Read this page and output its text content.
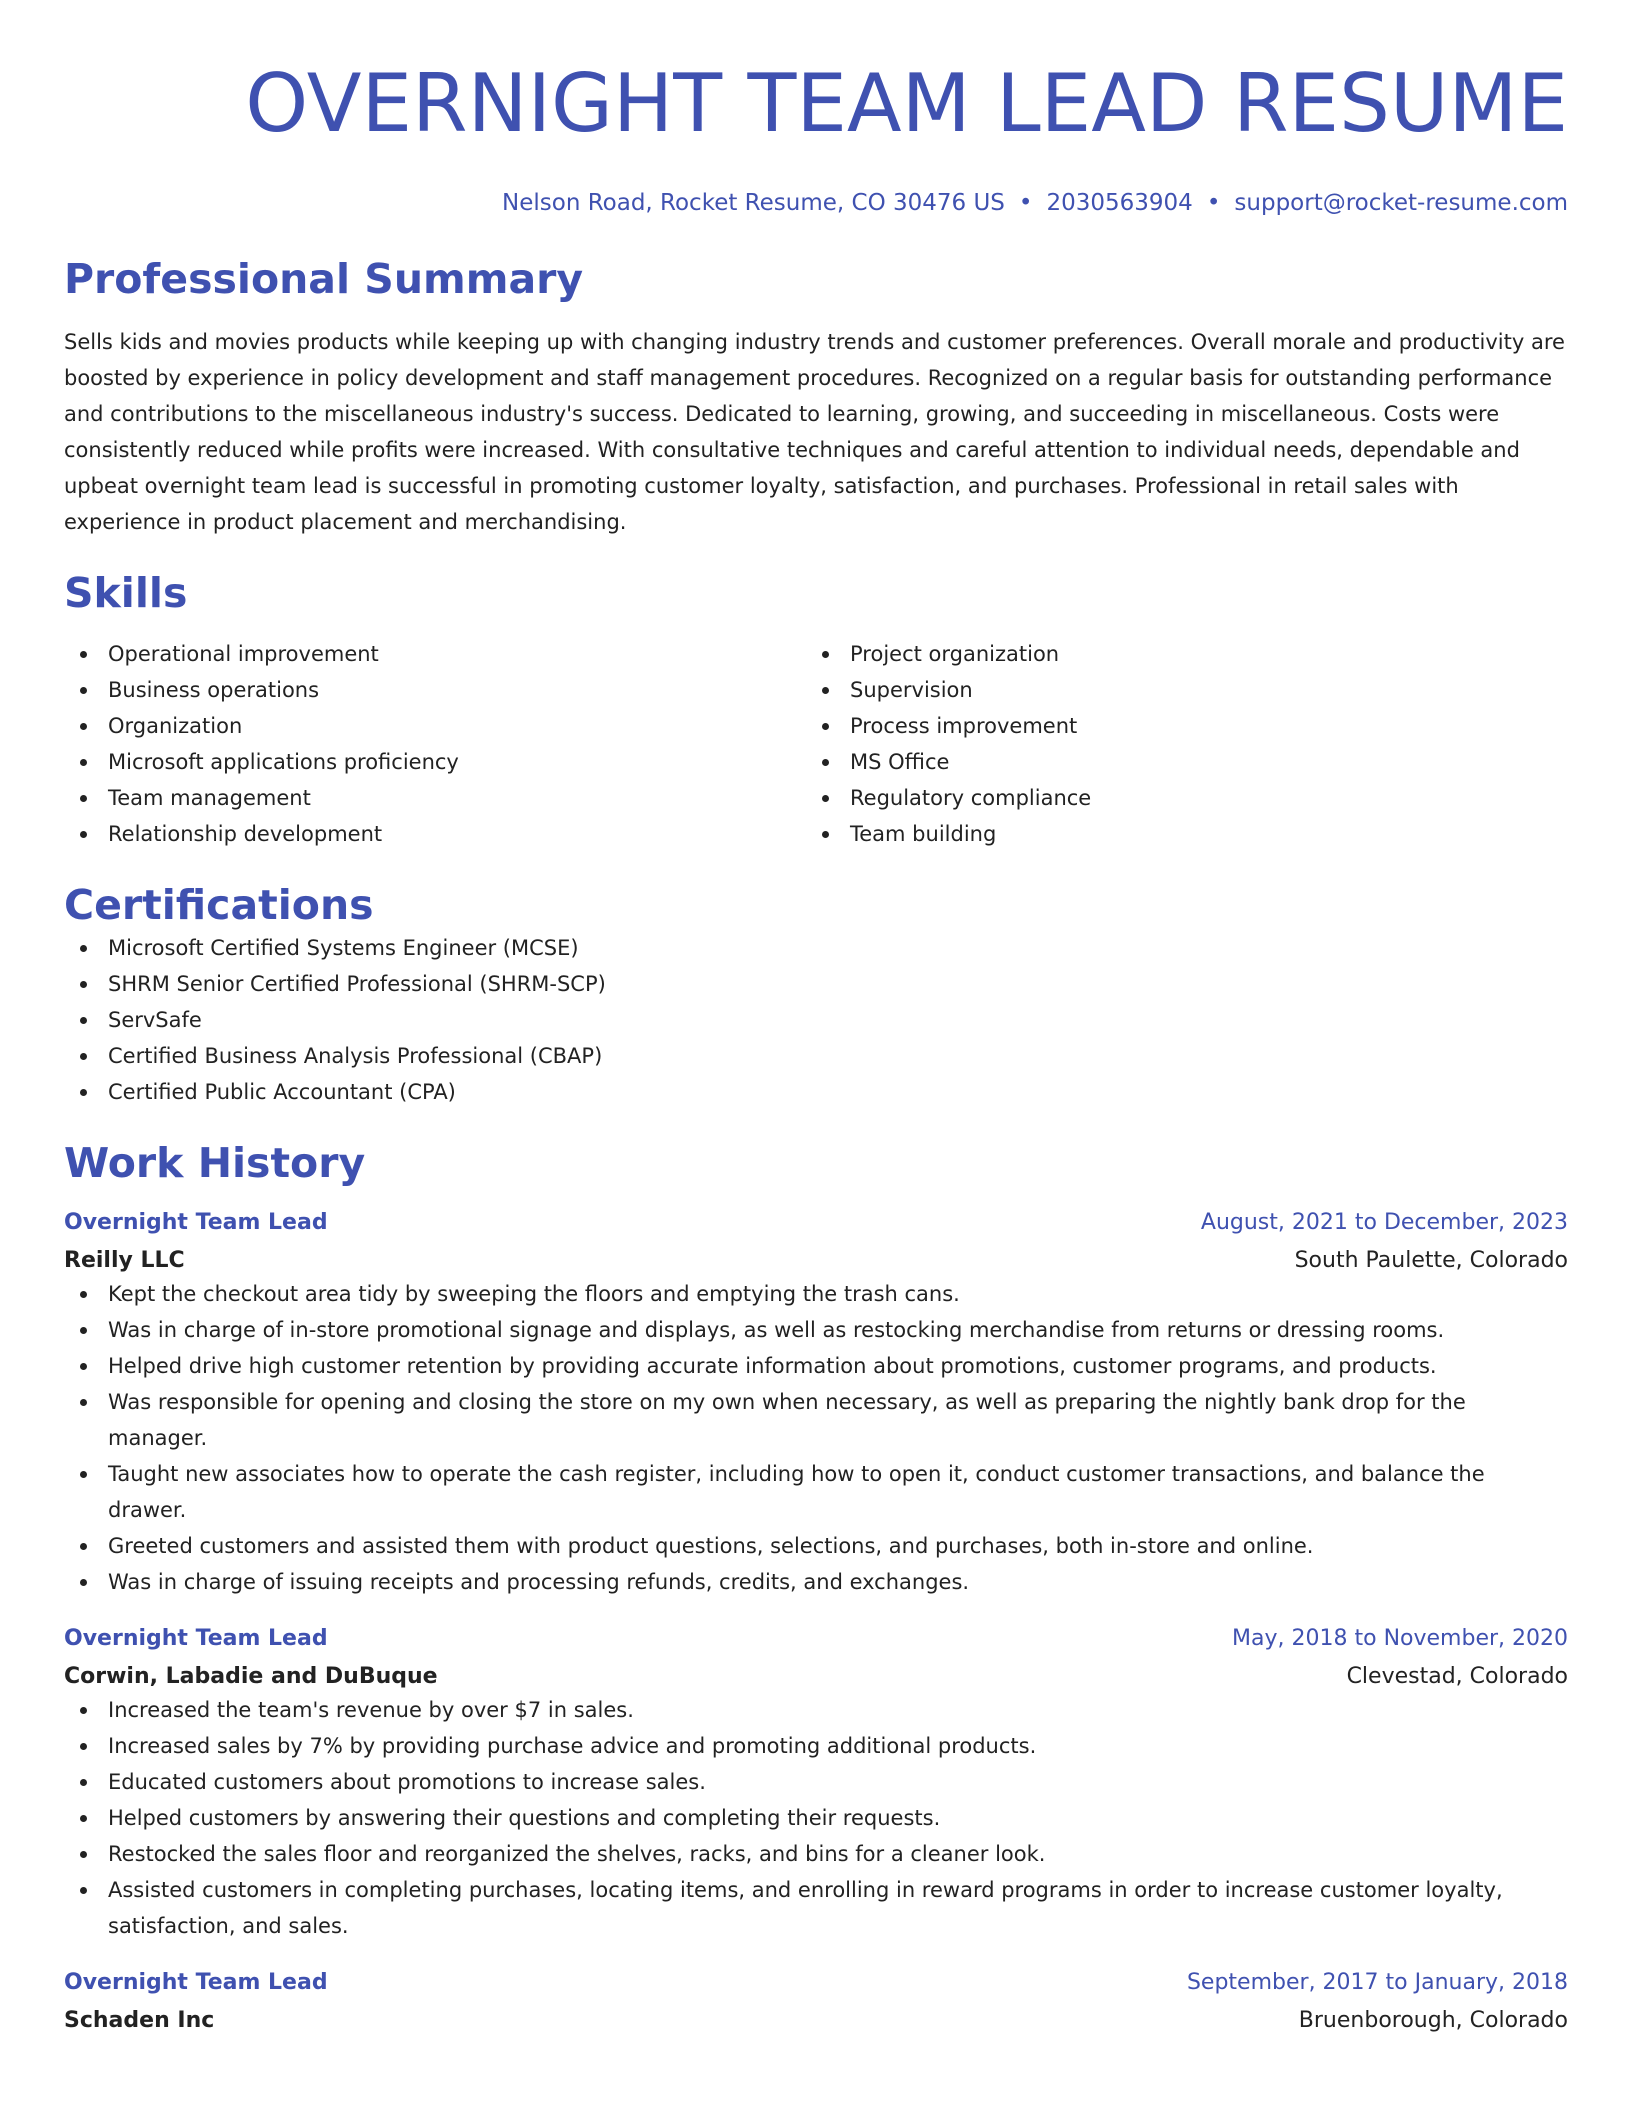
OVERNIGHT TEAM LEAD RESUME
Nelson Road, Rocket Resume, CO 30476 US • 2030563904 • support@rocket-resume.com
Professional Summary
Sells kids and movies products while keeping up with changing industry trends and customer preferences. Overall morale and productivity are boosted by experience in policy development and staff management procedures. Recognized on a regular basis for outstanding performance and contributions to the miscellaneous industry's success. Dedicated to learning, growing, and succeeding in miscellaneous. Costs were consistently reduced while profits were increased. With consultative techniques and careful attention to individual needs, dependable and upbeat overnight team lead is successful in promoting customer loyalty, satisfaction, and purchases. Professional in retail sales with experience in product placement and merchandising.
Skills
Operational improvement
Business operations
Organization
Microsoft applications proficiency
Team management
Relationship development
Project organization
Supervision
Process improvement
MS Office
Regulatory compliance
Team building
Certifications
Microsoft Certified Systems Engineer (MCSE)
SHRM Senior Certified Professional (SHRM-SCP)
ServSafe
Certified Business Analysis Professional (CBAP)
Certified Public Accountant (CPA)
Work History
Overnight Team Lead	August, 2021 to December, 2023
Reilly LLC	South Paulette, Colorado
Kept the checkout area tidy by sweeping the floors and emptying the trash cans.
Was in charge of in-store promotional signage and displays, as well as restocking merchandise from returns or dressing rooms.
Helped drive high customer retention by providing accurate information about promotions, customer programs, and products.
Was responsible for opening and closing the store on my own when necessary, as well as preparing the nightly bank drop for the manager.
Taught new associates how to operate the cash register, including how to open it, conduct customer transactions, and balance the drawer.
Greeted customers and assisted them with product questions, selections, and purchases, both in-store and online.
Was in charge of issuing receipts and processing refunds, credits, and exchanges.
Overnight Team Lead	May, 2018 to November, 2020
Corwin, Labadie and DuBuque	Clevestad, Colorado
Increased the team's revenue by over $7 in sales.
Increased sales by 7% by providing purchase advice and promoting additional products.
Educated customers about promotions to increase sales.
Helped customers by answering their questions and completing their requests.
Restocked the sales floor and reorganized the shelves, racks, and bins for a cleaner look.
Assisted customers in completing purchases, locating items, and enrolling in reward programs in order to increase customer loyalty, satisfaction, and sales.
Overnight Team Lead	September, 2017 to January, 2018
Schaden Inc	Bruenborough, Colorado
